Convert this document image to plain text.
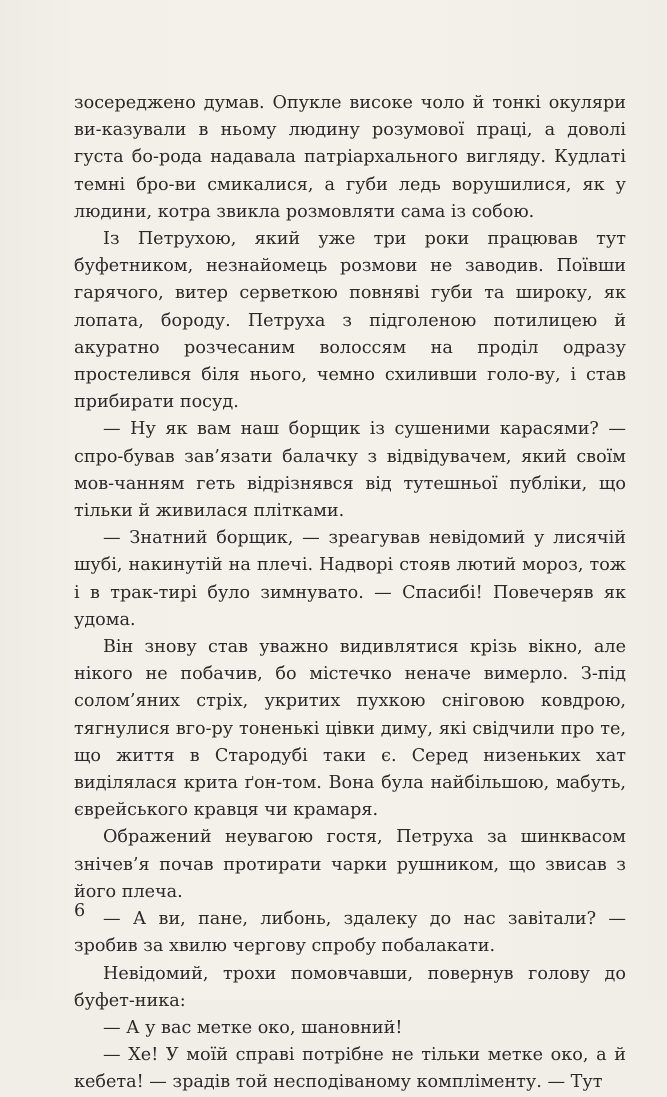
зосереджено думав. Опукле високе чоло й тонкі окуляри ви-казували в ньому людину розумової праці, а доволі густа бо-рода надавала патріархального вигляду. Кудлаті темні бро-ви смикалися, а губи ледь ворушилися, як у людини, котра звикла розмовляти сама із собою.

Із Петрухою, який уже три роки працював тут буфетником, незнайомець розмови не заводив. Поївши гарячого, витер серветкою повняві губи та широку, як лопата, бороду. Петруха з підголеною потилицею й акуратно розчесаним волоссям на проділ одразу простелився біля нього, чемно схиливши голо-ву, і став прибирати посуд.

— Ну як вам наш борщик із сушеними карасями? — спро-бував зав’язати балачку з відвідувачем, який своїм мов-чанням геть відрізнявся від тутешньої публіки, що тільки й живилася плітками.

— Знатний борщик, — зреагував невідомий у лисячій шубі, накинутій на плечі. Надворі стояв лютий мороз, тож і в трак-тирі було зимнувато. — Спасибі! Повечеряв як удома.

Він знову став уважно видивлятися крізь вікно, але нікого не побачив, бо містечко неначе вимерло. З-під солом’яних стріх, укритих пухкою сніговою ковдрою, тягнулися вго-ру тоненькі цівки диму, які свідчили про те, що життя в Стародубі таки є. Серед низеньких хат виділялася крита ґон-том. Вона була найбільшою, мабуть, єврейського кравця чи крамаря.

Ображений неувагою гостя, Петруха за шинквасом знічев’я почав протирати чарки рушником, що звисав з його плеча.

— А ви, пане, либонь, здалеку до нас завітали? — зробив за хвилю чергову спробу побалакати.

Невідомий, трохи помовчавши, повернув голову до буфет-ника:

— А у вас метке око, шановний!

— Хе! У моїй справі потрібне не тільки метке око, а й кебета! — зрадів той несподіваному компліменту. — Тут

6
